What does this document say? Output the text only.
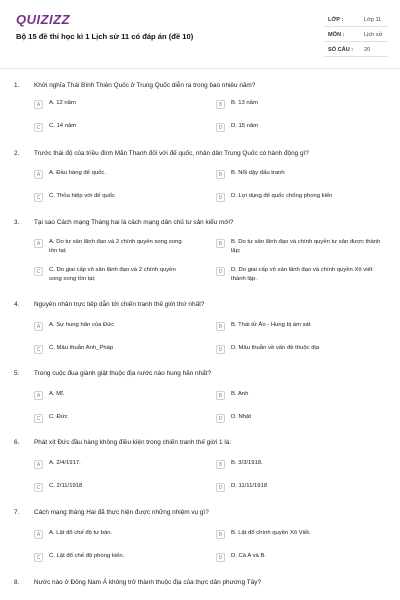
QUIZIZZ
Bộ 15 đề thi học kì 1 Lịch sử 11 có đáp án (đề 10)
LỚP :	Lớp 11
MÔN :	Lịch sử
SỐ CÂU : 20
1. Khởi nghĩa Thái Bình Thiên Quốc ở Trung Quốc diễn ra trong bao nhiêu năm?
A	A. 12 năm	B	B. 13 năm
C	C. 14 năm	D	D. 15 năm
2. Trước thái độ của triều đình Mãn Thanh đối với đế quốc, nhân dân Trung Quốc có hành động gì?
A	A. Đầu hàng đế quốc.	B	B. Nổi dậy đấu tranh
C	C. Thỏa hiệp với đế quốc	D	D. Lợi dụng đế quốc chống phong kiến
3. Tại sao Cách mạng Tháng hai là cách mạng dân chủ tư sản kiểu mới?
A	A. Do tư sản lãnh đạo và 2 chính quyền song song tồn tại;
B	B. Do tư sản lãnh đạo và chính quyền tư sản được thành lập;
C	C. Do giai cấp vô sản lãnh đạo và 2 chính quyền song song tồn tại;
D	D. Do giai cấp vô sản lãnh đạo và chính quyền Xô viết thành lập.
4. Nguyên nhân trực tiếp dẫn tới chiến tranh thế giới thứ nhất?
A	A. Sự hung hãn của Đức	B	B. Thái tử Áo - Hung bị ám sát
C	C. Mâu thuẫn Anh_Pháp	D	D. Mâu thuẫn về vấn đề thuộc địa
5. Trong cuộc đua giành giật thuộc địa nước nào hung hăn nhất?
A	A. Mĩ.	B	B. Anh
C	C. Đức	D	D. Nhật
6. Phát xít Đức đầu hàng không điều kiện trong chiến tranh thế giới 1 là:
A	A. 2/4/1917.	B	B. 3/3/1918.
C	C. 2/11/1918	D	D. 11/11/1918
7. Cách mạng tháng Hai đã thực hiện được những nhiệm vụ gì?
A	A. Lật đổ chế độ tư bản.	B	B. Lật đổ chính quyền Xô Viết.
C	C. Lật đổ chế độ phong kiến.	D	D. Cả A và B.
8. Nước nào ở Đông Nam Á không trở thành thuộc địa của thực dân phương Tây?
